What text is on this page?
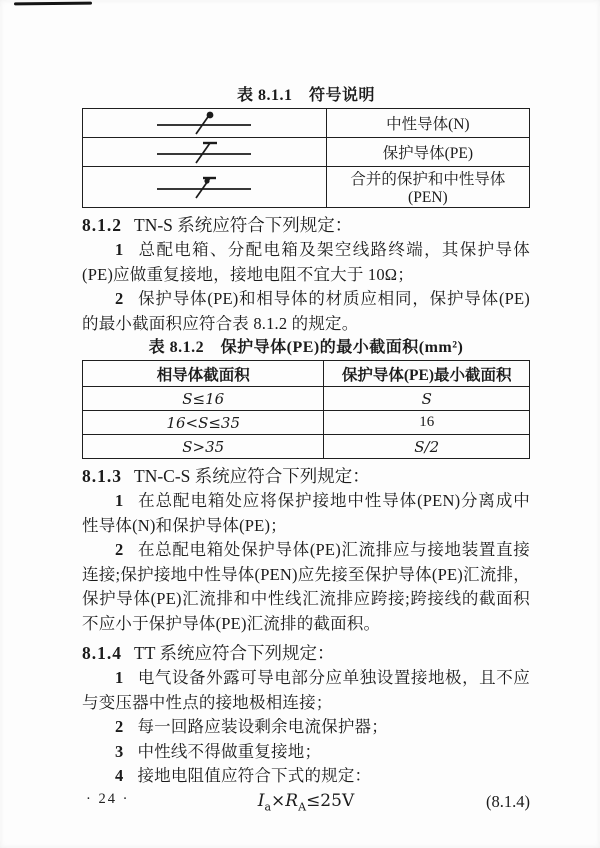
表 8.1.1　符号说明
	中性导体(N)

	保护导体(PE)

	合并的保护和中性导体(PEN)
8.1.2 TN-S 系统应符合下列规定：

1 总配电箱、分配电箱及架空线路终端，其保护导体(PE)应做重复接地，接地电阻不宜大于 10Ω；

2 保护导体(PE)和相导体的材质应相同，保护导体(PE)的最小截面积应符合表 8.1.2 的规定。

表 8.1.2　保护导体(PE)的最小截面积(mm²)
相导体截面积	保护导体(PE)最小截面积
S≤16	S
16<S≤35	16
S>35	S/2
8.1.3 TN-C-S 系统应符合下列规定：

1 在总配电箱处应将保护接地中性导体(PEN)分离成中性导体(N)和保护导体(PE)；

2 在总配电箱处保护导体(PE)汇流排应与接地装置直接连接;保护接地中性导体(PEN)应先接至保护导体(PE)汇流排，保护导体(PE)汇流排和中性线汇流排应跨接;跨接线的截面积不应小于保护导体(PE)汇流排的截面积。

8.1.4 TT 系统应符合下列规定：

1 电气设备外露可导电部分应单独设置接地极，且不应与变压器中性点的接地极相连接；

2 每一回路应装设剩余电流保护器；

3 中性线不得做重复接地；

4 接地电阻值应符合下式的规定：

$I_a\times R_A\le 25V$	(8.1.4)
· 24 ·
